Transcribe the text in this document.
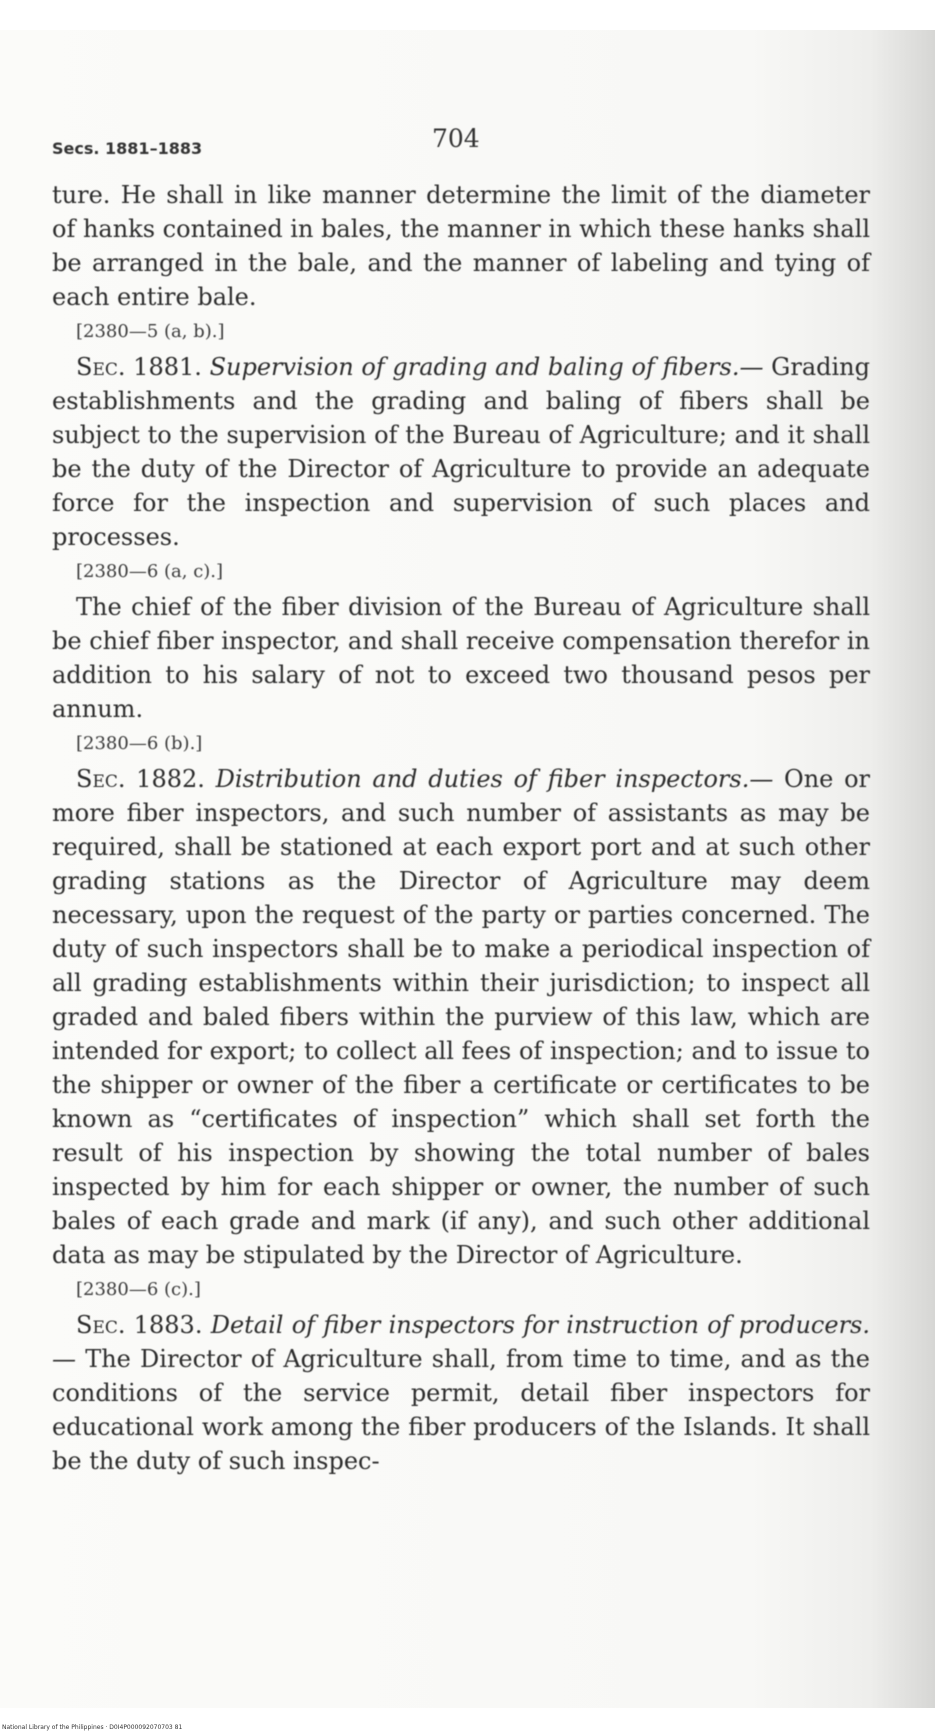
Secs. 1881–1883	704

ture. He shall in like manner determine the limit of the diameter of hanks contained in bales, the manner in which these hanks shall be arranged in the bale, and the manner of labeling and tying of each entire bale.

[2380—5 (a, b).]

Sec. 1881. Supervision of grading and baling of fibers.— Grading establishments and the grading and baling of fibers shall be subject to the supervision of the Bureau of Agriculture; and it shall be the duty of the Director of Agriculture to provide an adequate force for the inspection and supervision of such places and processes.

[2380—6 (a, c).]

The chief of the fiber division of the Bureau of Agriculture shall be chief fiber inspector, and shall receive compensation therefor in addition to his salary of not to exceed two thousand pesos per annum.

[2380—6 (b).]

Sec. 1882. Distribution and duties of fiber inspectors.— One or more fiber inspectors, and such number of assistants as may be required, shall be stationed at each export port and at such other grading stations as the Director of Agriculture may deem necessary, upon the request of the party or parties concerned. The duty of such inspectors shall be to make a periodical inspection of all grading establishments within their jurisdiction; to inspect all graded and baled fibers within the purview of this law, which are intended for export; to collect all fees of inspection; and to issue to the shipper or owner of the fiber a certificate or certificates to be known as “certificates of inspection” which shall set forth the result of his inspection by showing the total number of bales inspected by him for each shipper or owner, the number of such bales of each grade and mark (if any), and such other additional data as may be stipulated by the Director of Agriculture.

[2380—6 (c).]

Sec. 1883. Detail of fiber inspectors for instruction of producers.— The Director of Agriculture shall, from time to time, and as the conditions of the service permit, detail fiber inspectors for educational work among the fiber producers of the Islands. It shall be the duty of such inspec-

National Library of the Philippines · D0I4P000092070703 81
